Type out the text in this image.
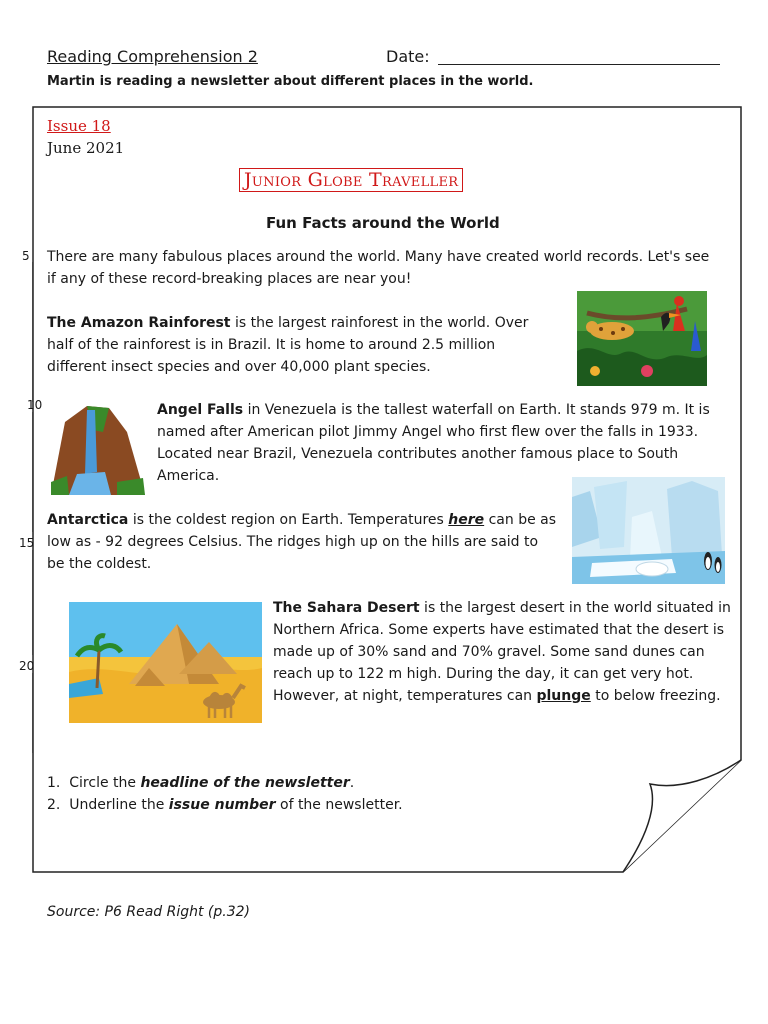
Reading Comprehension 2	Date:
Martin is reading a newsletter about different places in the world.
5
10
15
20
Issue 18
June 2021
Junior Globe Traveller
Fun Facts around the World
There are many fabulous places around the world. Many have created world records. Let's see if any of these record-breaking places are near you!
The Amazon Rainforest is the largest rainforest in the world. Over half of the rainforest is in Brazil. It is home to around 2.5 million different insect species and over 40,000 plant species.
Angel Falls in Venezuela is the tallest waterfall on Earth. It stands 979 m. It is named after American pilot Jimmy Angel who first flew over the falls in 1933. Located near Brazil, Venezuela contributes another famous place to South America.
Antarctica is the coldest region on Earth. Temperatures here can be as low as - 92 degrees Celsius. The ridges high up on the hills are said to be the coldest.
The Sahara Desert is the largest desert in the world situated in Northern Africa. Some experts have estimated that the desert is made up of 30% sand and 70% gravel. Some sand dunes can reach up to 122 m high. During the day, it can get very hot. However, at night, temperatures can plunge to below freezing.
1. Circle the headline of the newsletter.
2. Underline the issue number of the newsletter.
Source: P6 Read Right (p.32)
